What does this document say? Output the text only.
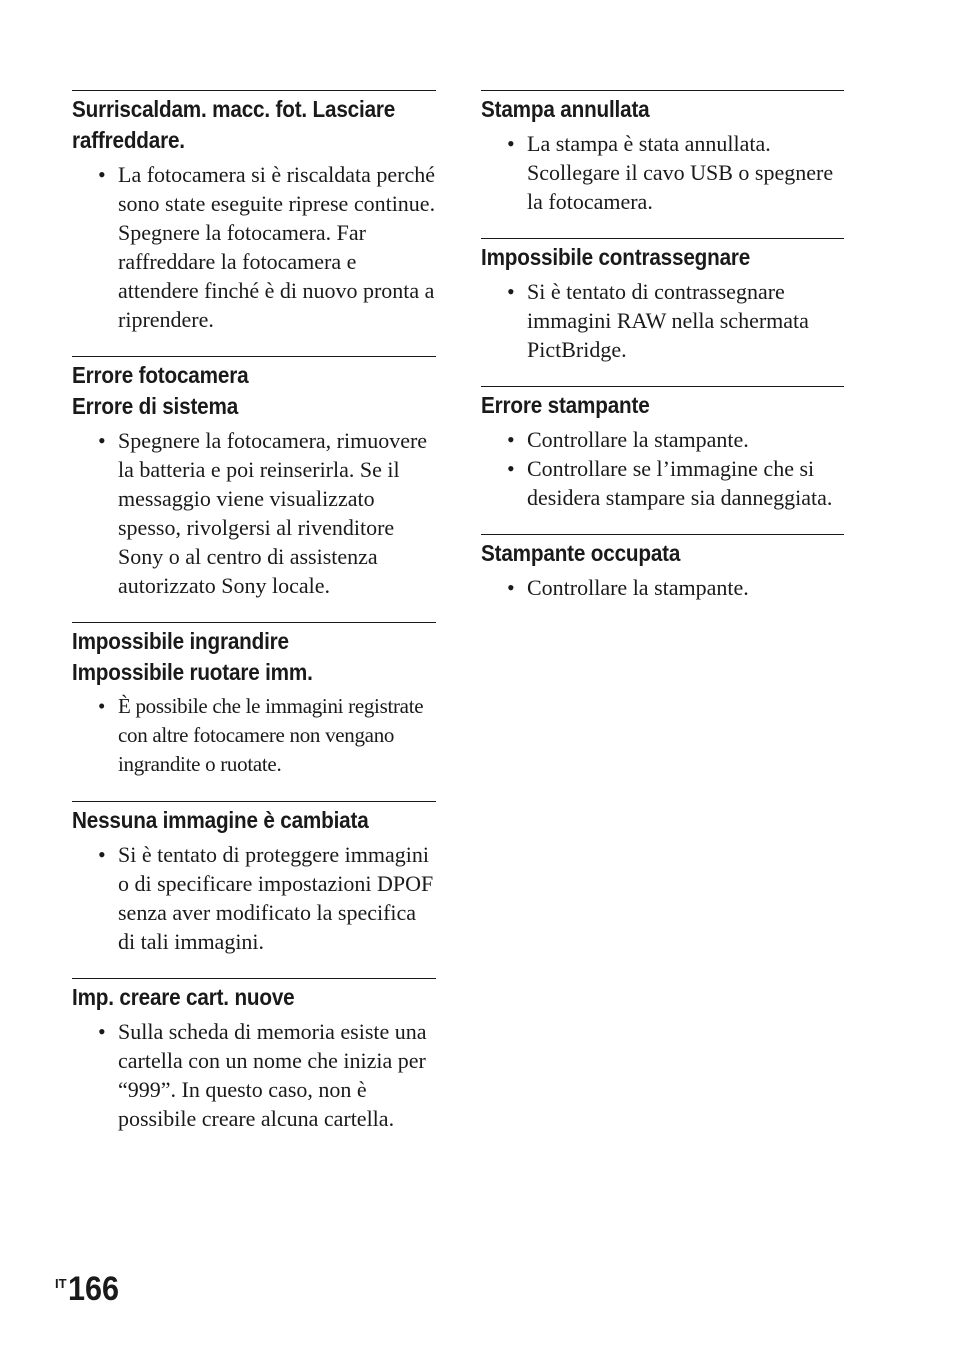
Surriscaldam. macc. fot. Lasciare
raffreddare.
• La fotocamera si è riscaldata perché sono state eseguite riprese continue.
Spegnere la fotocamera. Far raffreddare la fotocamera e attendere finché è di nuovo pronta a riprendere.
Errore fotocamera
Errore di sistema
• Spegnere la fotocamera, rimuovere la batteria e poi reinserirla. Se il messaggio viene visualizzato spesso, rivolgersi al rivenditore Sony o al centro di assistenza autorizzato Sony locale.
Impossibile ingrandire
Impossibile ruotare imm.
• È possibile che le immagini registrate con altre fotocamere non vengano ingrandite o ruotate.
Nessuna immagine è cambiata
• Si è tentato di proteggere immagini o di specificare impostazioni DPOF senza aver modificato la specifica di tali immagini.
Imp. creare cart. nuove
• Sulla scheda di memoria esiste una cartella con un nome che inizia per “999”. In questo caso, non è possibile creare alcuna cartella.
Stampa annullata
• La stampa è stata annullata. Scollegare il cavo USB o spegnere la fotocamera.
Impossibile contrassegnare
• Si è tentato di contrassegnare immagini RAW nella schermata PictBridge.
Errore stampante
• Controllare la stampante.
• Controllare se l’immagine che si desidera stampare sia danneggiata.
Stampante occupata
• Controllare la stampante.
IT 166
